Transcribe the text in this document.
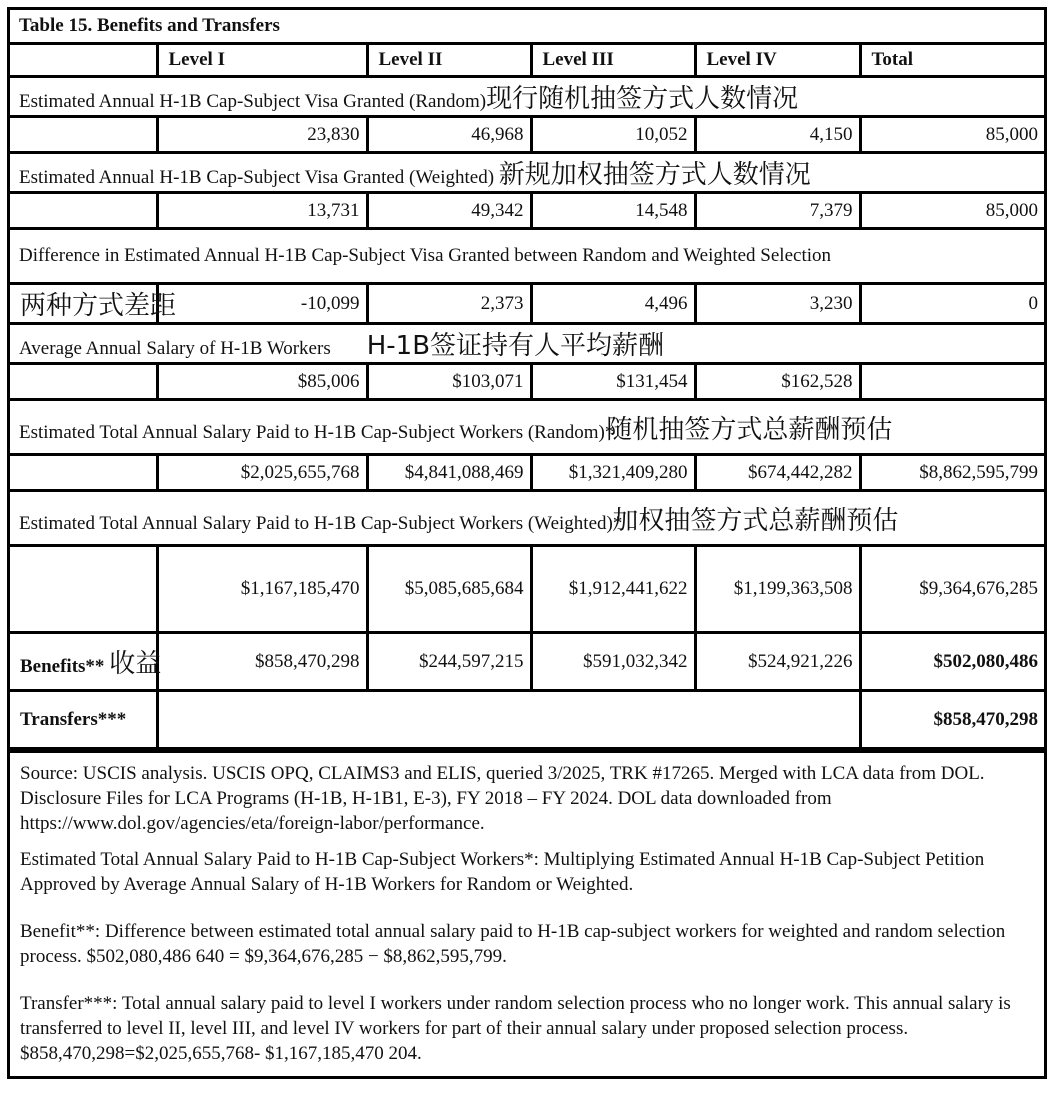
Table 15. Benefits and Transfers					
	Level I	Level II	Level III	Level IV	Total
Estimated Annual H-1B Cap-Subject Visa Granted (Random)现行随机抽签方式人数情况					
	23,830	46,968	10,052	4,150	85,000
Estimated Annual H-1B Cap-Subject Visa Granted (Weighted) 新规加权抽签方式人数情况					
	13,731	49,342	14,548	7,379	85,000
Difference in Estimated Annual H-1B Cap-Subject Visa Granted between Random and Weighted Selection					
两种方式差距	-10,099	2,373	4,496	3,230	0
Average Annual Salary of H-1B Workers H-1B签证持有人平均薪酬					
	$85,006	$103,071	$131,454	$162,528	
Estimated Total Annual Salary Paid to H-1B Cap-Subject Workers (Random)*随机抽签方式总薪酬预估					
	$2,025,655,768	$4,841,088,469	$1,321,409,280	$674,442,282	$8,862,595,799
Estimated Total Annual Salary Paid to H-1B Cap-Subject Workers (Weighted)*加权抽签方式总薪酬预估					
	$1,167,185,470	$5,085,685,684	$1,912,441,622	$1,199,363,508	$9,364,676,285
Benefits** 收益	$858,470,298	$244,597,215	$591,032,342	$524,921,226	$502,080,486
Transfers***					$858,470,298

Source: USCIS analysis. USCIS OPQ, CLAIMS3 and ELIS, queried 3/2025, TRK #17265. Merged with LCA data from DOL. Disclosure Files for LCA Programs (H-1B, H-1B1, E-3), FY 2018 – FY 2024. DOL data downloaded from https://www.dol.gov/agencies/eta/foreign-labor/performance.

Estimated Total Annual Salary Paid to H-1B Cap-Subject Workers*: Multiplying Estimated Annual H-1B Cap-Subject Petition Approved by Average Annual Salary of H-1B Workers for Random or Weighted.

Benefit**: Difference between estimated total annual salary paid to H-1B cap-subject workers for weighted and random selection process. $502,080,486 640 = $9,364,676,285 − $8,862,595,799.

Transfer***: Total annual salary paid to level I workers under random selection process who no longer work. This annual salary is transferred to level II, level III, and level IV workers for part of their annual salary under proposed selection process. $858,470,298=$2,025,655,768- $1,167,185,470 204.
